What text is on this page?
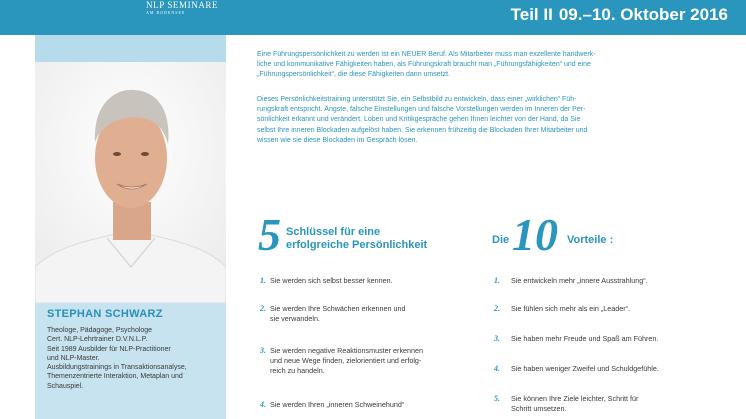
NLP SEMINARE
AM BODENSEE	Teil II 09.–10. Oktober 2016
STEPHAN SCHWARZ
Theologe, Pädagoge, Psychologe
Cert. NLP-Lehrtrainer D.V.N.L.P.
Seit 1989 Ausbilder für NLP-Practitioner
und NLP-Master.
Ausbildungstrainings in Transaktionsanalyse,
Themenzentrierte Interaktion, Metaplan und
Schauspiel.
Eine Führungspersönlichkeit zu werden ist ein NEUER Beruf. Als Mitarbeiter muss man exzellente handwerk-
liche und kommunikative Fähigkeiten haben, als Führungskraft braucht man „Führungsfähigkeiten“ und eine
„Führungspersönlichkeit“, die diese Fähigkeiten dann umsetzt.
Dieses Persönlichkeitstraining unterstützt Sie, ein Selbstbild zu entwickeln, dass einer „wirklichen“ Füh-
rungskraft entspricht. Ängste, falsche Einstellungen und falsche Vorstellungen werden im Inneren der Per-
sönlichkeit erkannt und verändert. Loben und Kritikgespräche gehen Ihnen leichter von der Hand, da Sie
selbst Ihre inneren Blockaden aufgelöst haben. Sie erkennen frühzeitig die Blockaden Ihrer Mitarbeiter und
wissen wie sie diese Blockaden im Gespräch lösen.
5 Schlüssel für eine
erfolgreiche Persönlichkeit	Die 10 Vorteile :
1. Sie werden sich selbst besser kennen.
2. Sie werden Ihre Schwächen erkennen und
sie verwandeln.
3. Sie werden negative Reaktionsmuster erkennen
und neue Wege finden, zielorientiert und erfolg-
reich zu handeln.
4. Sie werden Ihren „inneren Schweinehund“
1. Sie entwickeln mehr „innere Ausstrahlung“.
2. Sie fühlen sich mehr als ein „Leader“.
3. Sie haben mehr Freude und Spaß am Führen.
4. Sie haben weniger Zweifel und Schuldgefühle.
5. Sie können Ihre Ziele leichter, Schritt für
Schritt umsetzen.
